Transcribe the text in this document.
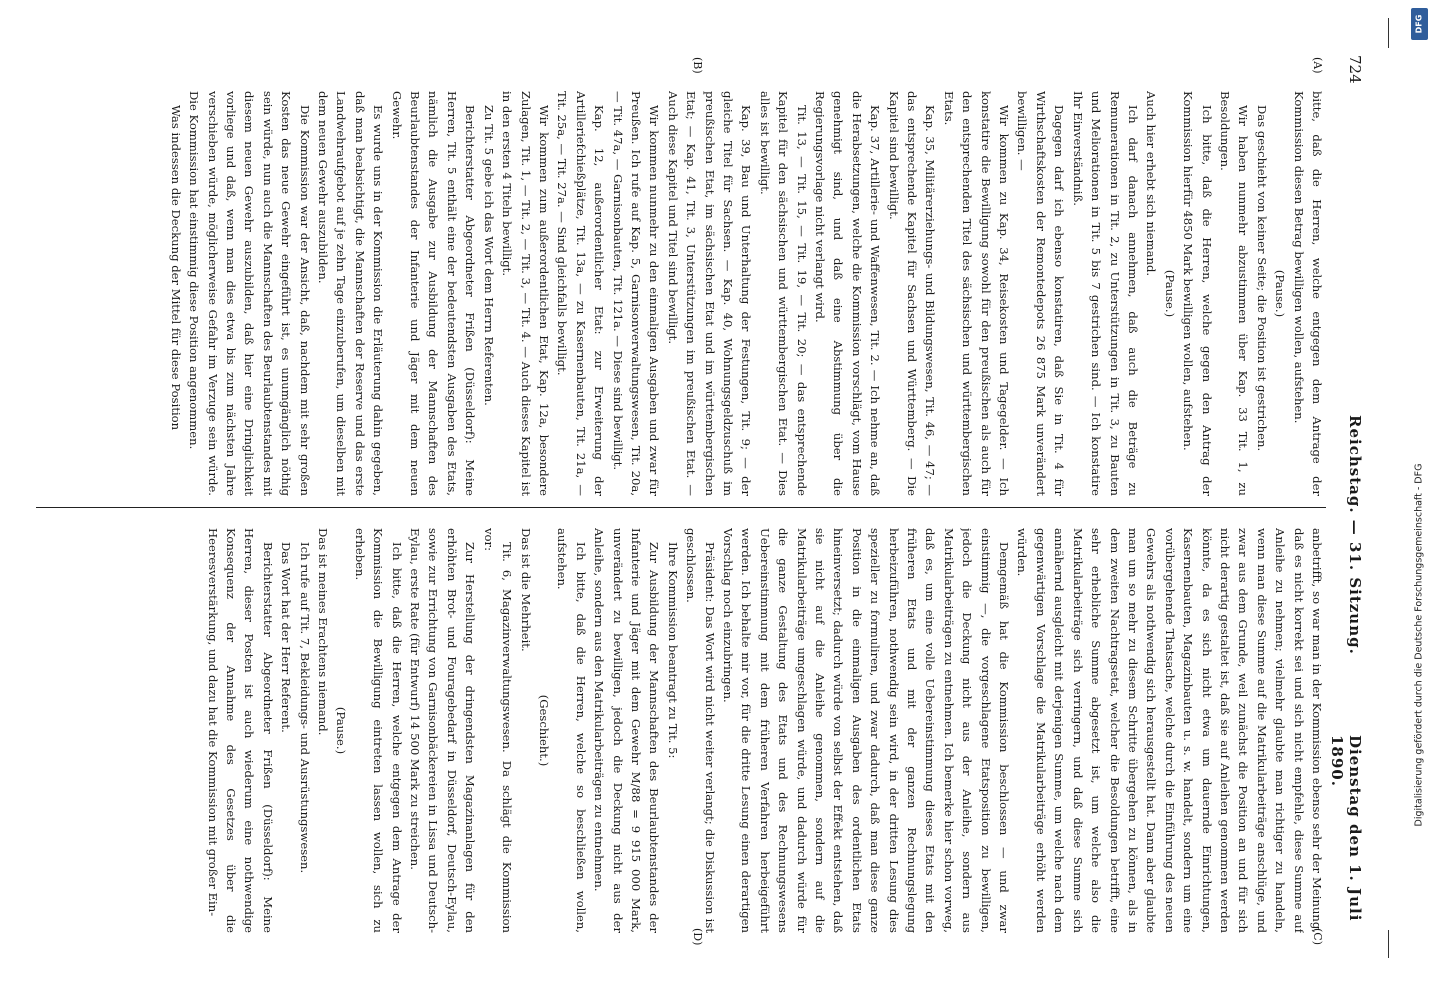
724
Reichstag. — 31. Sitzung.
Dienstag den 1. Juli 1890.
(A)
(B)
(C)
(D)

bitte, daß die Herren, welche entgegen dem Antrage der Kommission diesen Betrag bewilligen wollen, aufstehen.

(Pause.)

Das geschieht von keiner Seite; die Position ist gestrichen.

Wir haben nunmehr abzustimmen über Kap. 33 Tit. 1, zu Besoldungen.

Ich bitte, daß die Herren, welche gegen den Antrag der Kommission hierfür 4850 Mark bewilligen wollen, aufstehen.

(Pause.)

Auch hier erhebt sich niemand.

Ich darf danach annehmen, daß auch die Beträge zu Remunerationen in Tit. 2, zu Unterstützungen in Tit. 3, zu Bauten und Meliorationen in Tit. 5 bis 7 gestrichen sind. — Ich konstatire Ihr Einverständniß.

Dagegen darf ich ebenso konstatiren, daß Sie in Tit. 4 für Wirthschaftskosten der Remontedepots 26 875 Mark unverändert bewilligen. —

Wir kommen zu Kap. 34, Reisekosten und Tagegelder. — Ich konstatire die Bewilligung sowohl für den preußischen als auch für den entsprechenden Titel des sächsischen und württembergischen Etats.

Kap. 35, Militärerziehungs- und Bildungswesen, Tit. 46, — 47; — das entsprechende Kapitel für Sachsen und Württemberg. — Die Kapitel sind bewilligt.

Kap. 37, Artillerie- und Waffenwesen, Tit. 2. — Ich nehme an, daß die Herabsetzungen, welche die Kommission vorschlägt, vom Hause genehmigt sind, und daß eine Abstimmung über die Regierungsvorlage nicht verlangt wird.

Tit. 13, — Tit. 15, — Tit. 19, — Tit. 20; — das entsprechende Kapitel für den sächsischen und württembergischen Etat. — Dies alles ist bewilligt.

Kap. 39, Bau und Unterhaltung der Festungen, Tit. 9; — der gleiche Titel für Sachsen. — Kap. 40, Wohnungsgeldzuschuß im preußischen Etat, im sächsischen Etat und im württembergischen Etat; — Kap. 41, Tit. 3, Unterstützungen im preußischen Etat. — Auch diese Kapitel und Titel sind bewilligt.

Wir kommen nunmehr zu den einmaligen Ausgaben und zwar für Preußen. Ich rufe auf Kap. 5, Garnisonverwaltungswesen, Tit. 20a, — Tit. 47a, — Garnisonbauten, Tit. 121a. — Diese sind bewilligt.

Kap. 12, außerordentlicher Etat: zur Erweiterung der Artilleriefchießplätze, Tit. 13a, — zu Kasernenbauten, Tit. 21a, — Tit. 25a, — Tit. 27a. — Sind gleichfalls bewilligt.

Wir kommen zum außerordentlichen Etat, Kap. 12a, besondere Zulagen, Tit. 1, — Tit. 2, — Tit. 3, — Tit. 4. — Auch dieses Kapitel ist in den ersten 4 Titeln bewilligt.

Zu Tit. 5 gebe ich das Wort dem Herrn Referenten.

Berichterstatter Abgeordneter Frißen (Düsseldorf): Meine Herren, Tit. 5 enthält eine der bedeutendsten Ausgaben des Etats, nämlich die Ausgabe zur Ausbildung der Mannschaften des Beurlaubtenstandes der Infanterie und Jäger mit dem neuen Gewehr.

Es wurde uns in der Kommission die Erläuterung dahin gegeben, daß man beabsichtigt, die Mannschaften der Reserve und das erste Landwehraufgebot auf je zehn Tage einzuberufen, um dieselben mit dem neuen Gewehr auszubilden.

Die Kommission war der Ansicht, daß, nachdem mit sehr großen Kosten das neue Gewehr eingeführt ist, es unumgänglich nöthig sein würde, nun auch die Mannschaften des Beurlaubtenstandes mit diesem neuen Gewehr auszubilden, daß hier eine Dringlichkeit vorliege und daß, wenn man dies etwa bis zum nächsten Jahre verschieben würde, möglicherweise Gefahr im Verzuge sein würde. Die Kommission hat einstimmig diese Position angenommen.

Was indessen die Deckung der Mittel für diese Position

anbetrifft, so war man in der Kommission ebenso sehr der Meinung, daß es nicht korrekt sei und sich nicht empfehle, diese Summe auf Anleihe zu nehmen; vielmehr glaubte man richtiger zu handeln, wenn man diese Summe auf die Matrikularbeiträge anschlüge, und zwar aus dem Grunde, weil zunächst die Position an und für sich nicht derartig gestaltet ist, daß sie auf Anleihen genommen werden könnte, da es sich nicht etwa um dauernde Einrichtungen, Kasernenbauten, Magazinbauten u. s. w. handelt, sondern um eine vorübergehende Thatsache, welche durch die Einführung des neuen Gewehrs als nothwendig sich herausgestellt hat. Dann aber glaubte man um so mehr zu diesem Schritte übergehen zu können, als in dem zweiten Nachtragsetat, welcher die Besoldungen betrifft, eine sehr erhebliche Summe abgesetzt ist, um welche also die Matrikularbeiträge sich verringern, und daß diese Summe sich annähernd ausgleicht mit derjenigen Summe, um welche nach dem gegenwärtigen Vorschlage die Matrikularbeiträge erhöht werden würden.

Demgemäß hat die Kommission beschlossen — und zwar einstimmig —, die vorgeschlagene Etatsposition zu bewilligen, jedoch die Deckung nicht aus der Anleihe, sondern aus Matrikularbeiträgen zu entnehmen. Ich bemerke hier schon vorweg, daß es, um eine volle Uebereinstimmung dieses Etats mit den früheren Etats und mit der ganzen Rechnungslegung herbeizuführen, nothwendig sein wird, in der dritten Lesung dies spezieller zu formuliren, und zwar dadurch, daß man diese ganze Position in die einmaligen Ausgaben des ordentlichen Etats hineinversetzt; dadurch würde von selbst der Effekt entstehen, daß sie nicht auf die Anleihe genommen, sondern auf die Matrikularbeiträge umgeschlagen würde, und dadurch würde für die ganze Gestaltung des Etats und des Rechnungswesens Uebereinstimmung mit dem früheren Verfahren herbeigeführt werden. Ich behalte mir vor, für die dritte Lesung einen derartigen Vorschlag noch einzubringen.

Präsident: Das Wort wird nicht weiter verlangt; die Diskussion ist geschlossen.

Ihre Kommission beantragt zu Tit. 5:

Zur Ausbildung der Mannschaften des Beurlaubtenstandes der Infanterie und Jäger mit dem Gewehr M/88 = 9 915 000 Mark, unverändert zu bewilligen, jedoch die Deckung nicht aus der Anleihe, sondern aus den Matrikularbeiträgen zu entnehmen.

Ich bitte, daß die Herren, welche so beschließen wollen, aufstehen.

(Geschieht.)

Das ist die Mehrheit.

Tit. 6, Magazinverwaltungswesen. Da schlägt die Kommission vor:

Zur Herstellung der dringendsten Magazinanlagen für den erhöhten Brot- und Fouragebedarf in Düsseldorf, Deutsch-Eylau, sowie zur Errichtung von Garnisonbäckereien in Lissa und Deutsch-Eylau, erste Rate (für Entwurf) 14 500 Mark zu streichen.

Ich bitte, daß die Herren, welche entgegen dem Antrage der Kommission die Bewilligung eintreten lassen wollen, sich zu erheben.

(Pause.)

Das ist meines Erachtens niemand.

Ich rufe auf Tit. 7, Bekleidungs- und Ausrüstungswesen.

Das Wort hat der Herr Referent.

Berichterstatter Abgeordneter Frißen (Düsseldorf): Meine Herren, dieser Posten ist auch wiederum eine nothwendige Konsequenz der Annahme des Gesetzes über die Heeresverstärkung, und dazu hat die Kommission mit großer Ein-

DFG
Digitalisierung gefördert durch die Deutsche Forschungsgemeinschaft - DFG
